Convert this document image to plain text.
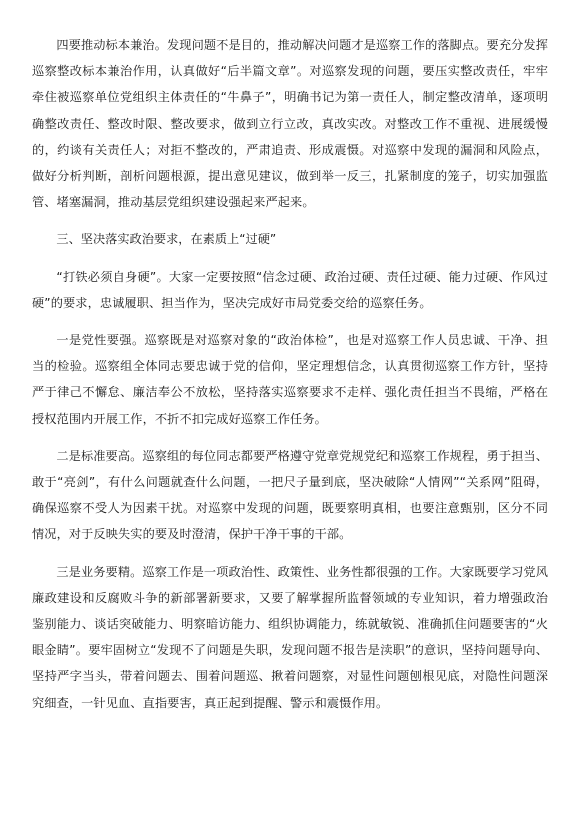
四要推动标本兼治。发现问题不是目的，推动解决问题才是巡察工作的落脚点。要充分发挥巡察整改标本兼治作用，认真做好“后半篇文章”。对巡察发现的问题，要压实整改责任，牢牢牵住被巡察单位党组织主体责任的“牛鼻子”，明确书记为第一责任人，制定整改清单，逐项明确整改责任、整改时限、整改要求，做到立行立改，真改实改。对整改工作不重视、进展缓慢的，约谈有关责任人；对拒不整改的，严肃追责、形成震慑。对巡察中发现的漏洞和风险点，做好分析判断，剖析问题根源，提出意见建议，做到举一反三，扎紧制度的笼子，切实加强监管、堵塞漏洞，推动基层党组织建设强起来严起来。

三、坚决落实政治要求，在素质上“过硬”

“打铁必须自身硬”。大家一定要按照“信念过硬、政治过硬、责任过硬、能力过硬、作风过硬”的要求，忠诚履职、担当作为，坚决完成好市局党委交给的巡察任务。

一是党性要强。巡察既是对巡察对象的“政治体检”，也是对巡察工作人员忠诚、干净、担当的检验。巡察组全体同志要忠诚于党的信仰，坚定理想信念，认真贯彻巡察工作方针，坚持严于律己不懈怠、廉洁奉公不放松，坚持落实巡察要求不走样、强化责任担当不畏缩，严格在授权范围内开展工作，不折不扣完成好巡察工作任务。

二是标准要高。巡察组的每位同志都要严格遵守党章党规党纪和巡察工作规程，勇于担当、敢于“亮剑”，有什么问题就查什么问题，一把尺子量到底，坚决破除“人情网”“关系网”阻碍，确保巡察不受人为因素干扰。对巡察中发现的问题，既要察明真相，也要注意甄别，区分不同情况，对于反映失实的要及时澄清，保护干净干事的干部。

三是业务要精。巡察工作是一项政治性、政策性、业务性都很强的工作。大家既要学习党风廉政建设和反腐败斗争的新部署新要求，又要了解掌握所监督领域的专业知识，着力增强政治鉴别能力、谈话突破能力、明察暗访能力、组织协调能力，练就敏锐、准确抓住问题要害的“火眼金睛”。要牢固树立“发现不了问题是失职，发现问题不报告是渎职”的意识，坚持问题导向、坚持严字当头，带着问题去、围着问题巡、揪着问题察，对显性问题刨根见底，对隐性问题深究细查，一针见血、直指要害，真正起到提醒、警示和震慑作用。
